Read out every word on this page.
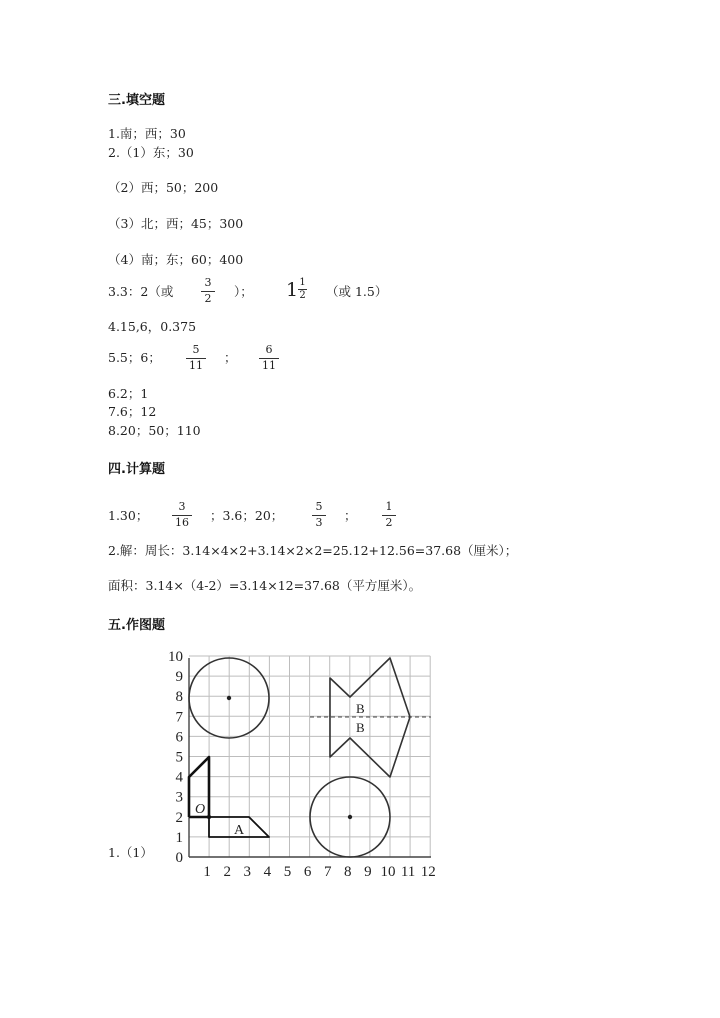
三.填空题
1.南；西；30
2.（1）东；30
（2）西；50；200
（3）北；西；45；300
（4）南；东；60；400
3.3：2（或
3
2 ）； $1 \frac{1}{2}$ （或 1.5）
4.15,6，0.375
5.5；6；
5
11
；
6
11
6.2；1
7.6；12
8.20；50；110
四.计算题
1.30；
3
16 ；3.6；20；
5
3 ；
1
2
2.解：周长：3.14×4×2+3.14×2×2=25.12+12.56=37.68（厘米）；
面积：3.14×（4-2）=3.14×12=37.68（平方厘米）。
五.作图题
1.（1）
A
B
B
O
1 2 3 4 5 6 7 8 9 10 11 12
10
9
8
7
6
5
4
3
2
1
0
